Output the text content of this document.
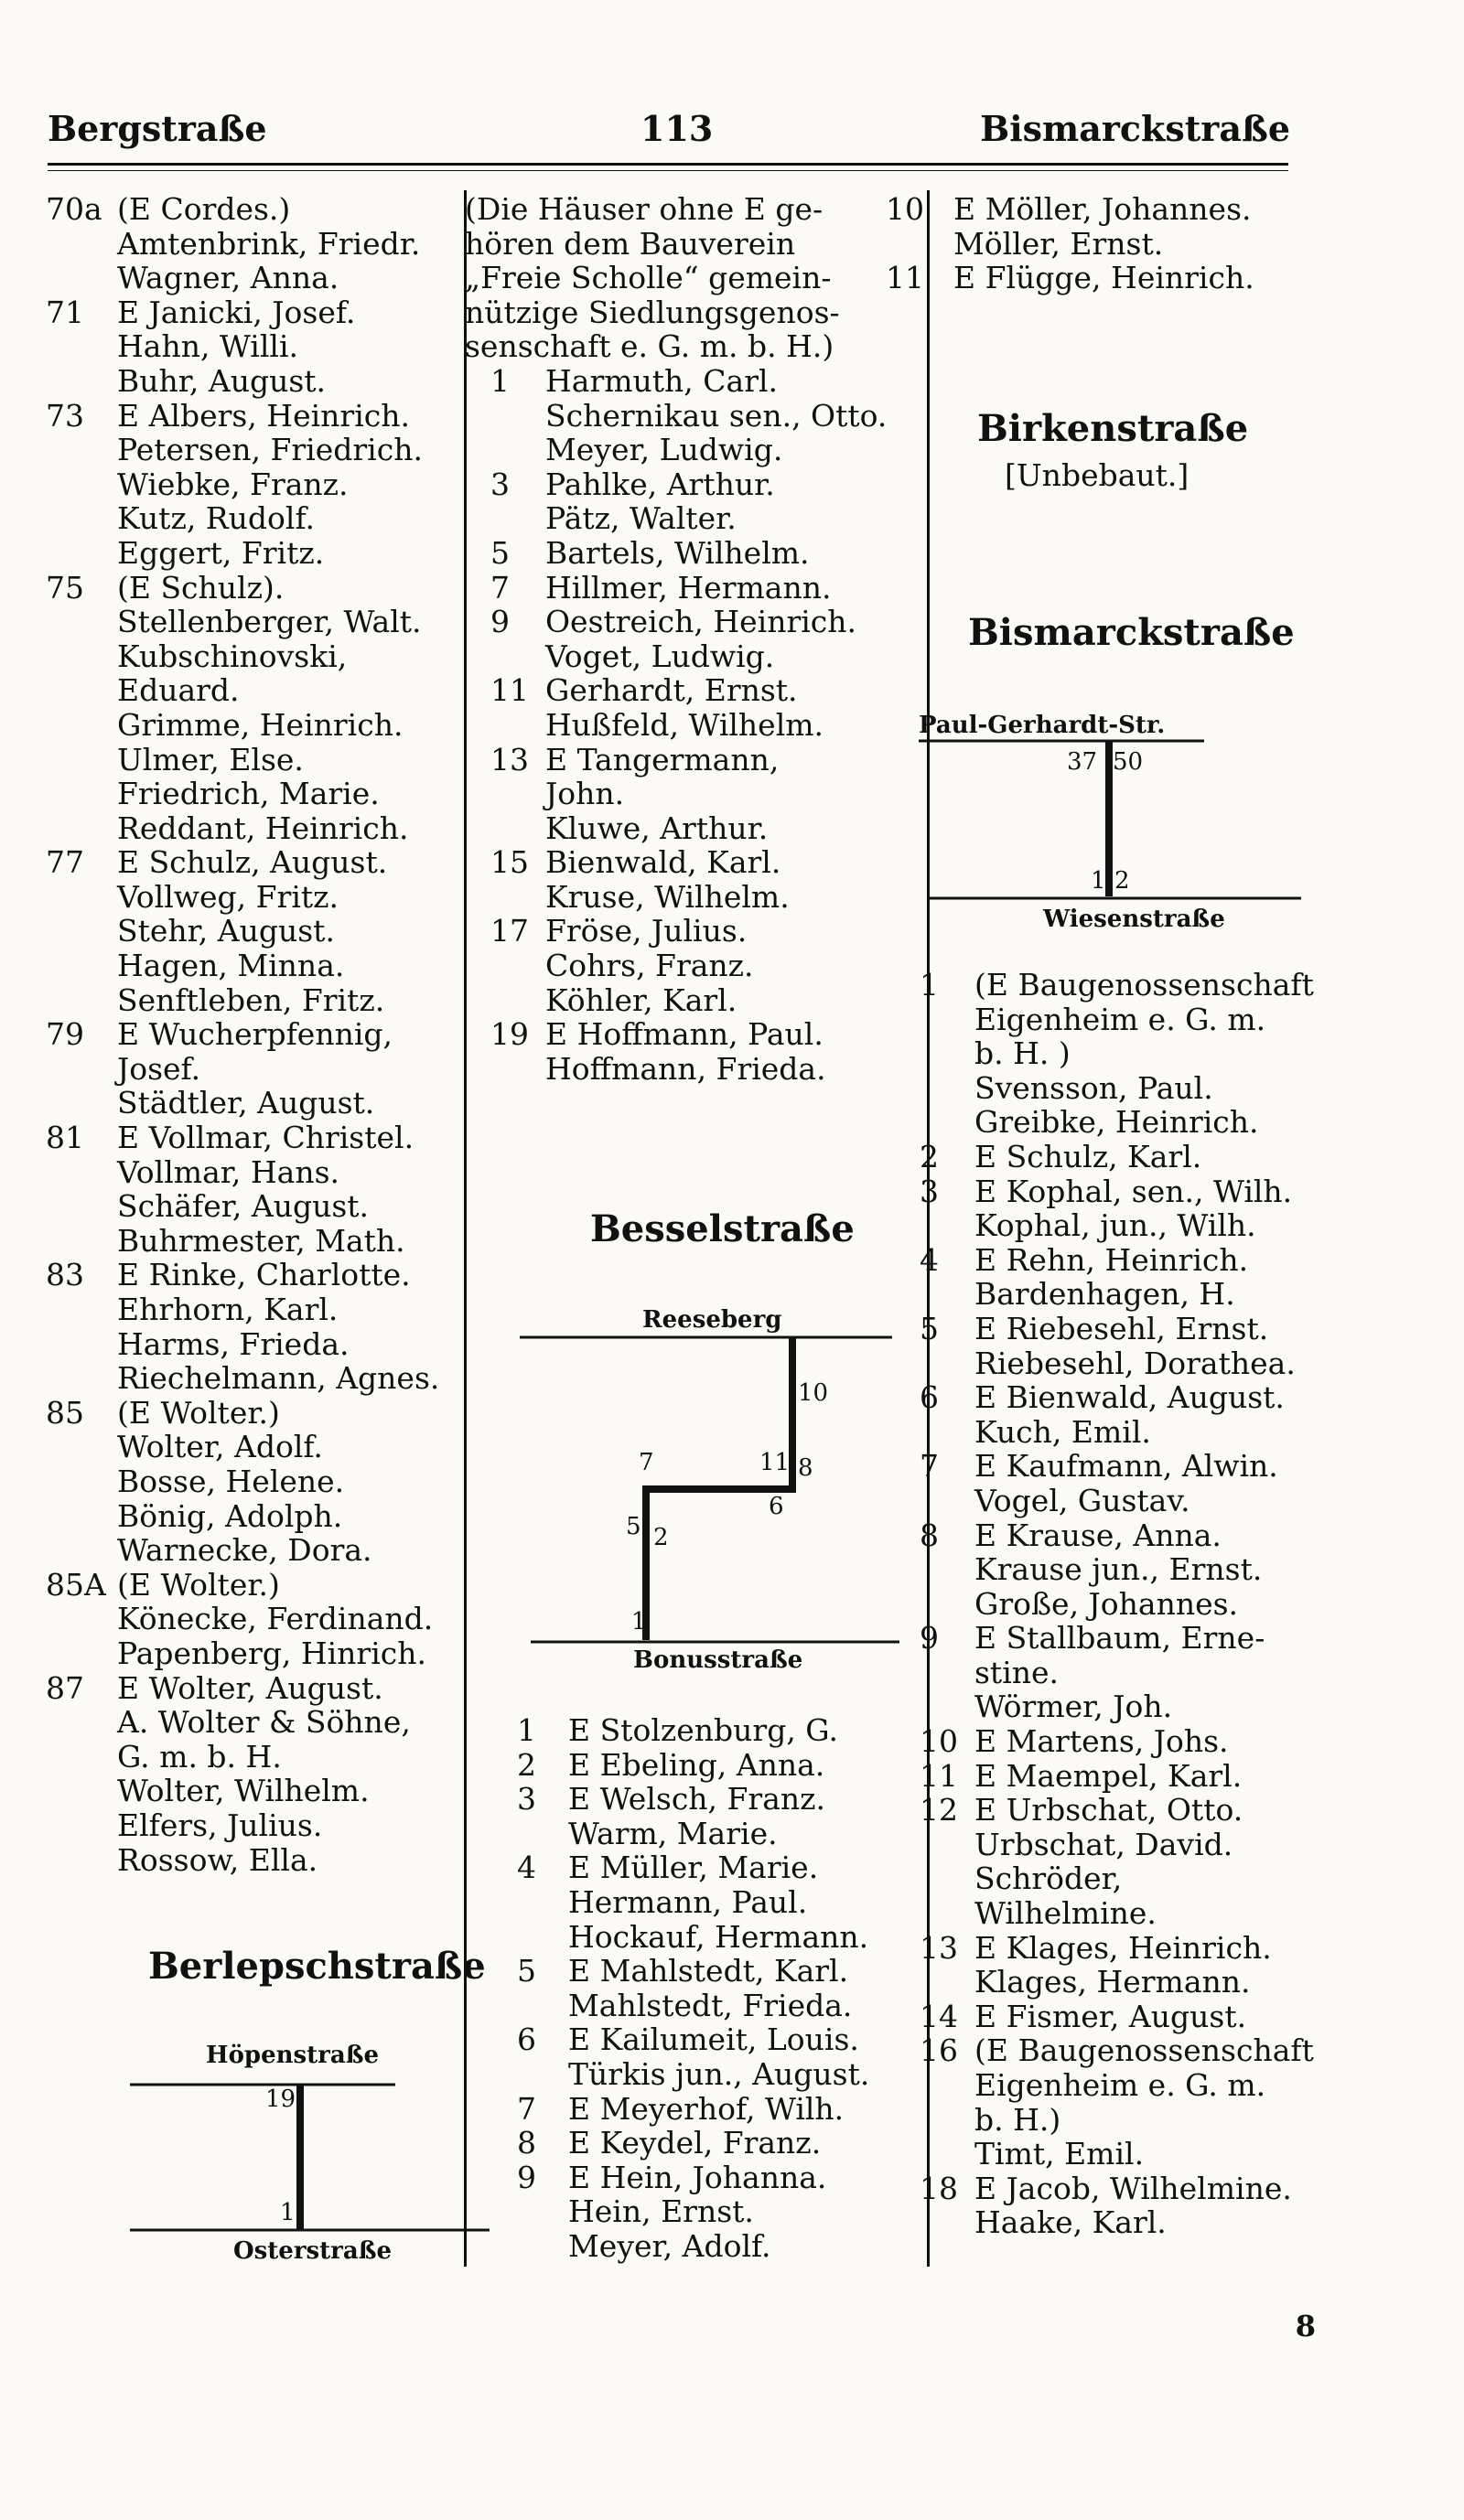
Bergstraße	113	Bismarckstraße
70a (E Cordes.)
Amtenbrink, Friedr.
Wagner, Anna.
71	E Janicki, Josef.
Hahn, Willi.
Buhr, August.
73	E Albers, Heinrich.
Petersen, Friedrich.
Wiebke, Franz.
Kutz, Rudolf.
Eggert, Fritz.
75	(E Schulz).
Stellenberger, Walt.
Kubschinovski,
Eduard.
Grimme, Heinrich.
Ulmer, Else.
Friedrich, Marie.
Reddant, Heinrich.
77	E Schulz, August.
Vollweg, Fritz.
Stehr, August.
Hagen, Minna.
Senftleben, Fritz.
79	E Wucherpfennig,
Josef.
Städtler, August.
81	E Vollmar, Christel.
Vollmar, Hans.
Schäfer, August.
Buhrmester, Math.
83	E Rinke, Charlotte.
Ehrhorn, Karl.
Harms, Frieda.
Riechelmann, Agnes.
85	(E Wolter.)
Wolter, Adolf.
Bosse, Helene.
Bönig, Adolph.
Warnecke, Dora.
85A (E Wolter.)
Könecke, Ferdinand.
Papenberg, Hinrich.
87	E Wolter, August.
A. Wolter & Söhne,
G. m. b. H.
Wolter, Wilhelm.
Elfers, Julius.
Rossow, Ella.
Berlepschstraße
Höpenstraße
19
1
Osterstraße
(Die Häuser ohne E ge-
hören dem Bauverein
„Freie Scholle“ gemein-
nützige Siedlungsgenos-
senschaft e. G. m. b. H.)
1	Harmuth, Carl.
Schernikau sen., Otto.
Meyer, Ludwig.
3	Pahlke, Arthur.
Pätz, Walter.
5	Bartels, Wilhelm.
7	Hillmer, Hermann.
9	Oestreich, Heinrich.
Voget, Ludwig.
11 Gerhardt, Ernst.
Hußfeld, Wilhelm.
13 E Tangermann,
John.
Kluwe, Arthur.
15 Bienwald, Karl.
Kruse, Wilhelm.
17 Fröse, Julius.
Cohrs, Franz.
Köhler, Karl.
19 E Hoffmann, Paul.
Hoffmann, Frieda.
Besselstraße
Reeseberg
10
7	11 8
6
5 2
1
Bonusstraße
1	E Stolzenburg, G.
2	E Ebeling, Anna.
3	E Welsch, Franz.
Warm, Marie.
4	E Müller, Marie.
Hermann, Paul.
Hockauf, Hermann.
5	E Mahlstedt, Karl.
Mahlstedt, Frieda.
6	E Kailumeit, Louis.
Türkis jun., August.
7	E Meyerhof, Wilh.
8	E Keydel, Franz.
9	E Hein, Johanna.
Hein, Ernst.
Meyer, Adolf.
10 E Möller, Johannes.
Möller, Ernst.
11 E Flügge, Heinrich.
Birkenstraße
[Unbebaut.]
Bismarckstraße
Paul-Gerhardt-Str.
37 50
1 2
Wiesenstraße
1	(E Baugenossenschaft
Eigenheim e. G. m.
b. H. )
Svensson, Paul.
Greibke, Heinrich.
2	E Schulz, Karl.
3	E Kophal, sen., Wilh.
Kophal, jun., Wilh.
4	E Rehn, Heinrich.
Bardenhagen, H.
5	E Riebesehl, Ernst.
Riebesehl, Dorathea.
6	E Bienwald, August.
Kuch, Emil.
7	E Kaufmann, Alwin.
Vogel, Gustav.
8	E Krause, Anna.
Krause jun., Ernst.
Große, Johannes.
9	E Stallbaum, Erne-
stine.
Wörmer, Joh.
10 E Martens, Johs.
11 E Maempel, Karl.
12 E Urbschat, Otto.
Urbschat, David.
Schröder,
Wilhelmine.
13 E Klages, Heinrich.
Klages, Hermann.
14 E Fismer, August.
16 (E Baugenossenschaft
Eigenheim e. G. m.
b. H.)
Timt, Emil.
18 E Jacob, Wilhelmine.
Haake, Karl.
8
